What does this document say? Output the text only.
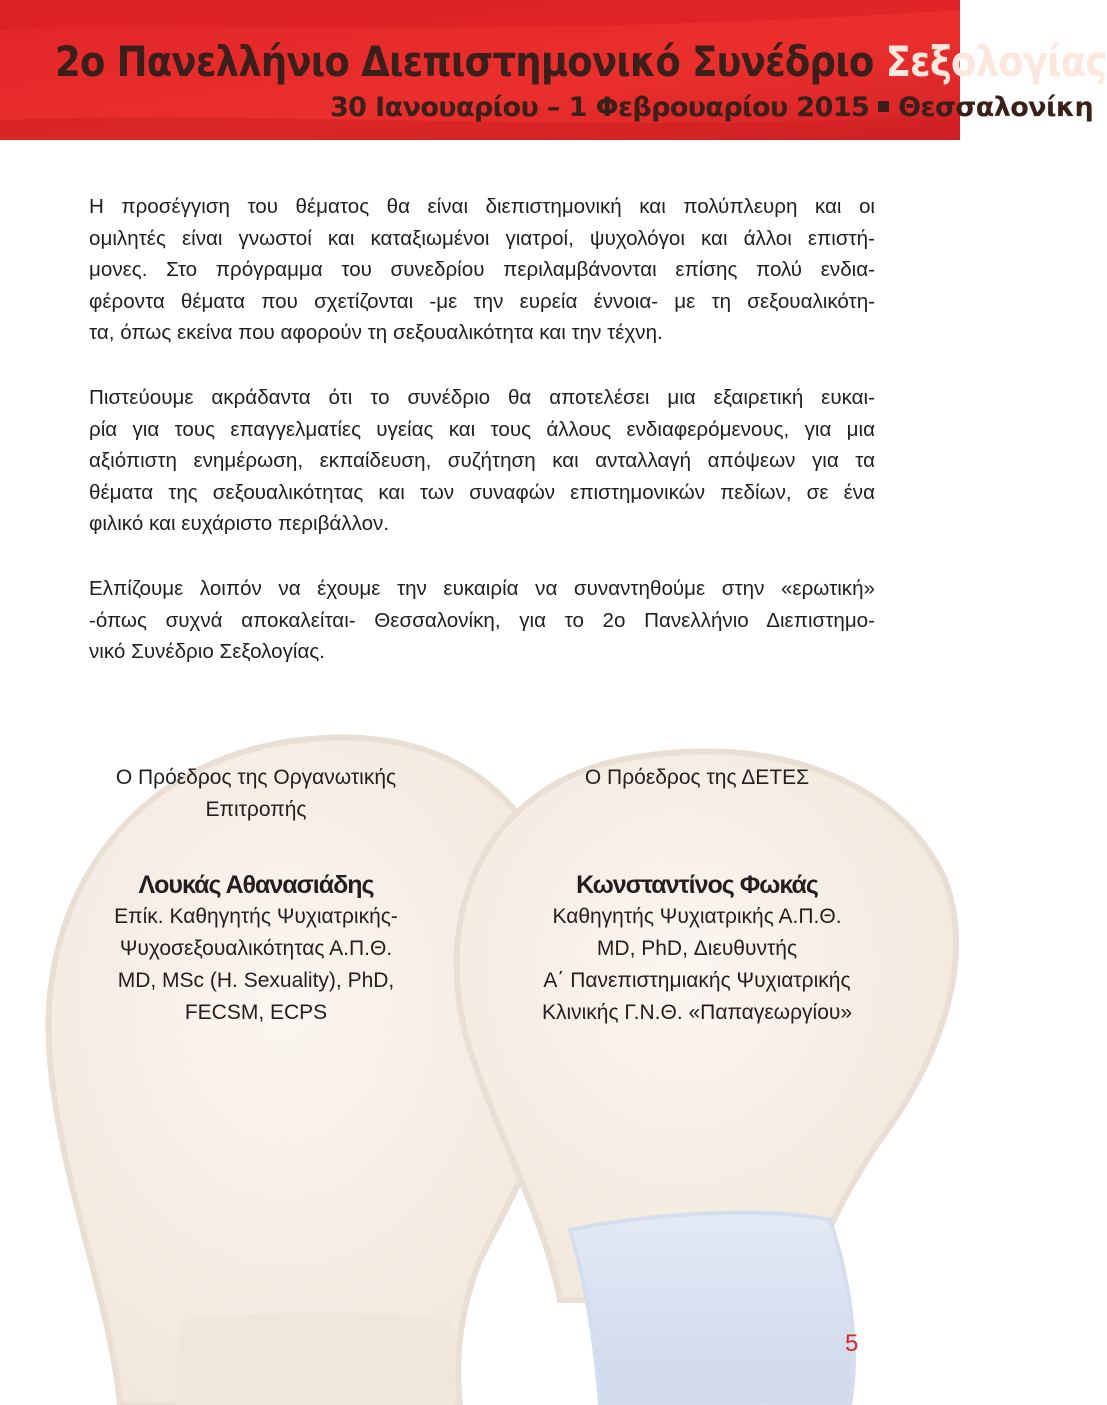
2o Πανελλήνιο Διεπιστημονικό Συνέδριο Σεξολογίας
30 Ιανουαρίου – 1 Φεβρουαρίου 2015 Θεσσαλονίκη
Η προσέγγιση του θέματος θα είναι διεπιστημονική και πολύπλευρη και οι
ομιλητές είναι γνωστοί και καταξιωμένοι γιατροί, ψυχολόγοι και άλλοι επιστή-
μονες. Στο πρόγραμμα του συνεδρίου περιλαμβάνονται επίσης πολύ ενδια-
φέροντα θέματα που σχετίζονται -με την ευρεία έννοια- με τη σεξουαλικότη-
τα, όπως εκείνα που αφορούν τη σεξουαλικότητα και την τέχνη.
Πιστεύουμε ακράδαντα ότι το συνέδριο θα αποτελέσει μια εξαιρετική ευκαι-
ρία για τους επαγγελματίες υγείας και τους άλλους ενδιαφερόμενους, για μια
αξιόπιστη ενημέρωση, εκπαίδευση, συζήτηση και ανταλλαγή απόψεων για τα
θέματα της σεξουαλικότητας και των συναφών επιστημονικών πεδίων, σε ένα
φιλικό και ευχάριστο περιβάλλον.
Ελπίζουμε λοιπόν να έχουμε την ευκαιρία να συναντηθούμε στην «ερωτική»
-όπως συχνά αποκαλείται- Θεσσαλονίκη, για το 2ο Πανελλήνιο Διεπιστημο-
νικό Συνέδριο Σεξολογίας.
Ο Πρόεδρος της Οργανωτικής
Επιτροπής
Λουκάς Αθανασιάδης
Επίκ. Καθηγητής Ψυχιατρικής-
Ψυχοσεξουαλικότητας Α.Π.Θ.
MD, MSc (H. Sexuality), PhD,
FECSM, ECPS
Ο Πρόεδρος της ΔΕΤΕΣ

Κωνσταντίνος Φωκάς
Καθηγητής Ψυχιατρικής Α.Π.Θ.
MD, PhD, Διευθυντής
Α΄ Πανεπιστημιακής Ψυχιατρικής
Κλινικής Γ.Ν.Θ. «Παπαγεωργίου»
5
